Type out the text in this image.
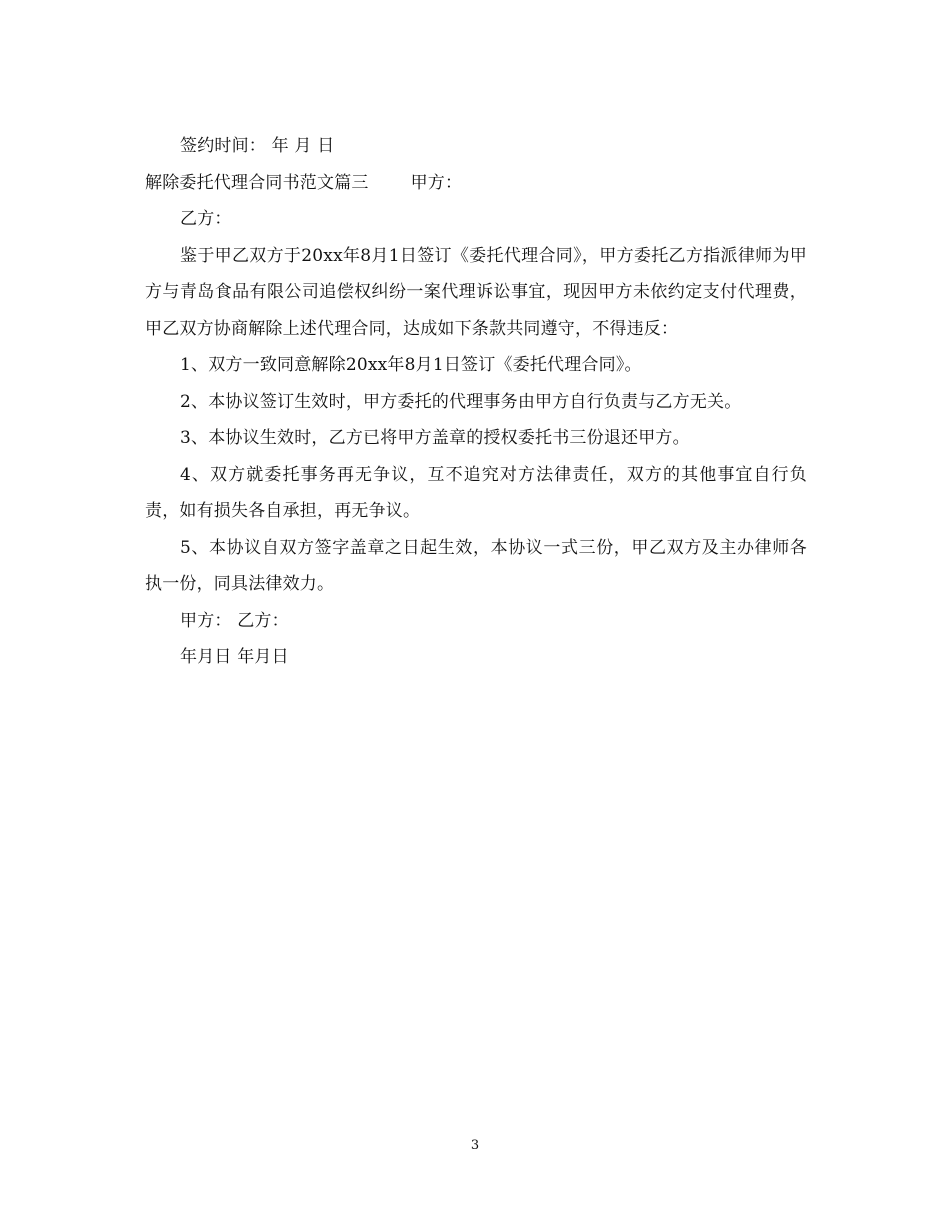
签约时间： 年 月 日

解除委托代理合同书范文篇三 甲方：

乙方：

鉴于甲乙双方于20xx年8月1日签订《委托代理合同》，甲方委托乙方指派律师为甲方与青岛食品有限公司追偿权纠纷一案代理诉讼事宜，现因甲方未依约定支付代理费，甲乙双方协商解除上述代理合同，达成如下条款共同遵守，不得违反：

1、双方一致同意解除20xx年8月1日签订《委托代理合同》。

2、本协议签订生效时，甲方委托的代理事务由甲方自行负责与乙方无关。

3、本协议生效时，乙方已将甲方盖章的授权委托书三份退还甲方。

4、双方就委托事务再无争议，互不追究对方法律责任，双方的其他事宜自行负责，如有损失各自承担，再无争议。

5、本协议自双方签字盖章之日起生效，本协议一式三份，甲乙双方及主办律师各执一份，同具法律效力。

甲方： 乙方：

年月日 年月日

3
